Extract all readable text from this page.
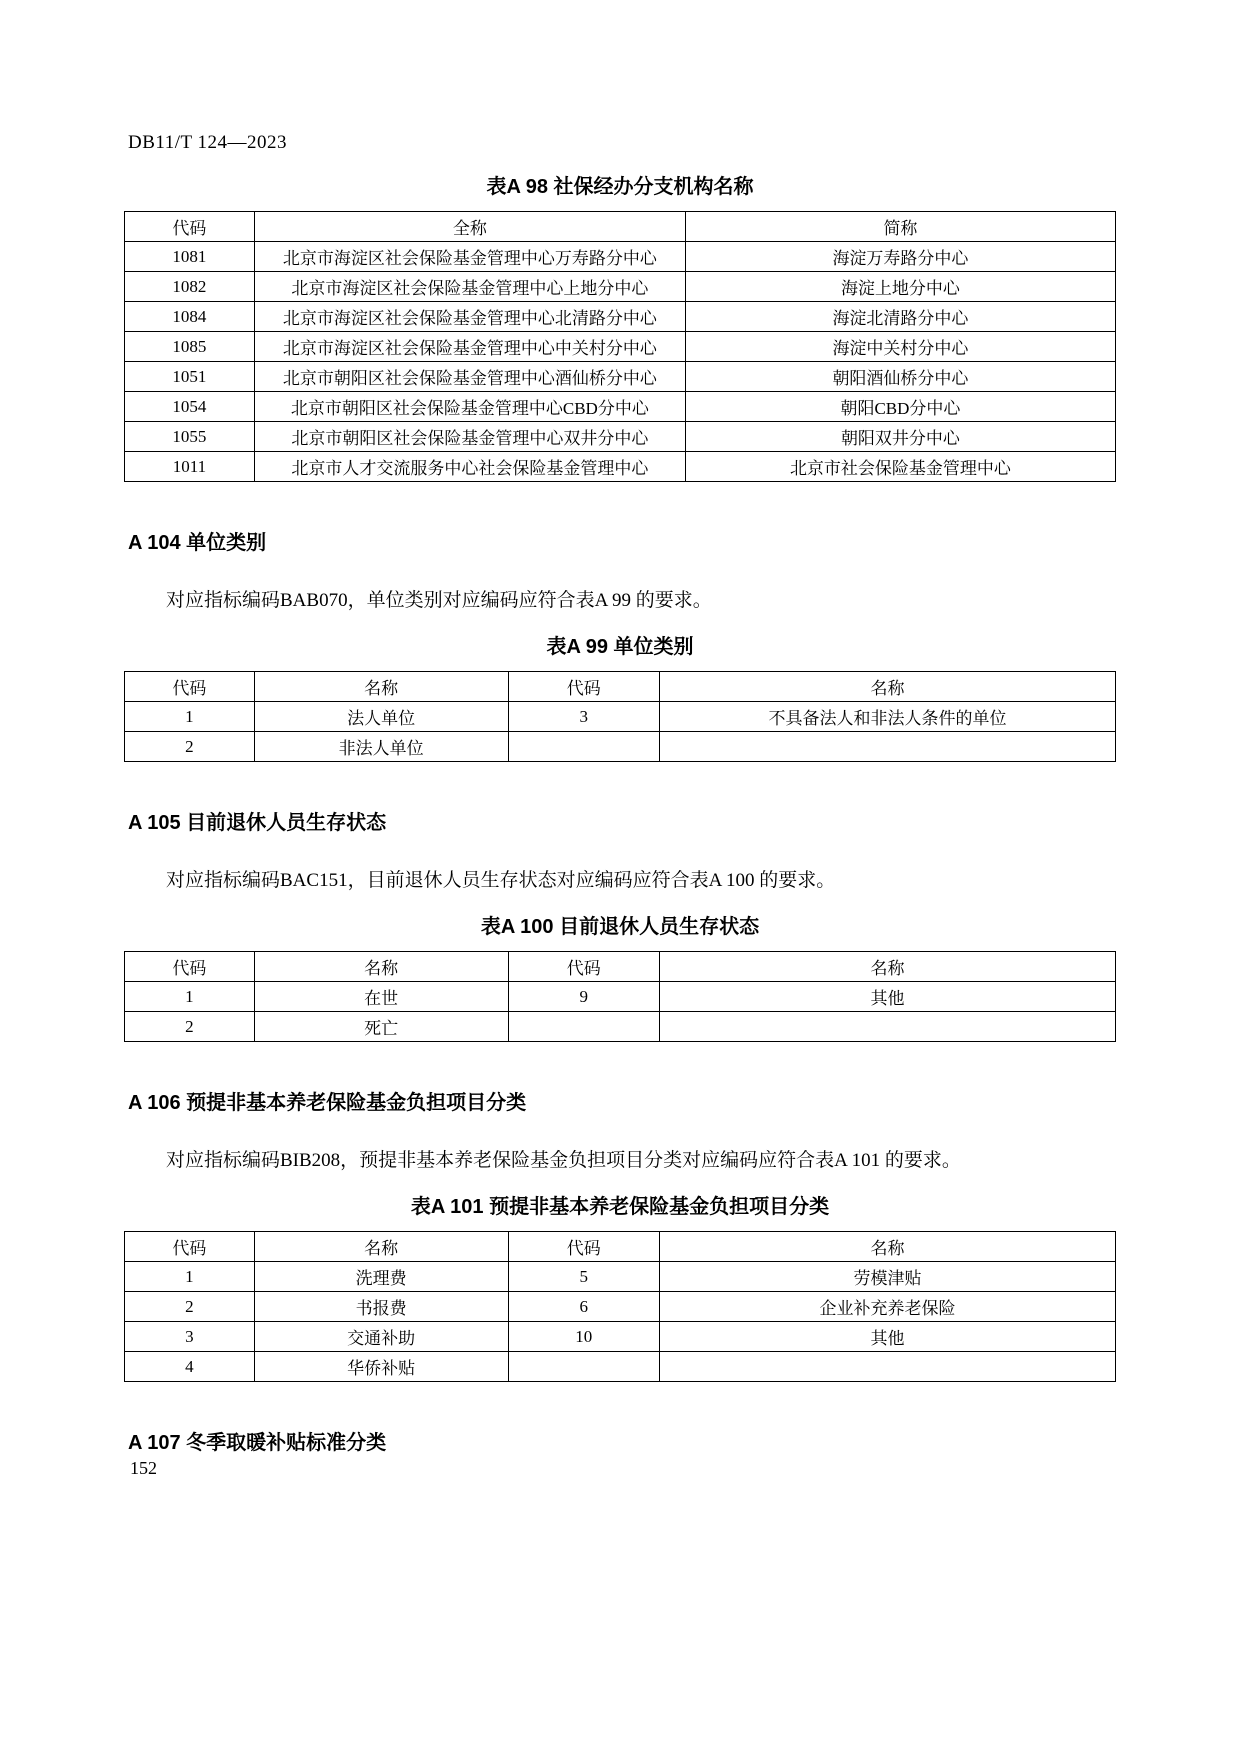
DB11/T 124—2023
表A 98 社保经办分支机构名称
代码	全称	简称
1081	北京市海淀区社会保险基金管理中心万寿路分中心	海淀万寿路分中心
1082	北京市海淀区社会保险基金管理中心上地分中心	海淀上地分中心
1084	北京市海淀区社会保险基金管理中心北清路分中心	海淀北清路分中心
1085	北京市海淀区社会保险基金管理中心中关村分中心	海淀中关村分中心
1051	北京市朝阳区社会保险基金管理中心酒仙桥分中心	朝阳酒仙桥分中心
1054	北京市朝阳区社会保险基金管理中心CBD分中心	朝阳CBD分中心
1055	北京市朝阳区社会保险基金管理中心双井分中心	朝阳双井分中心
1011	北京市人才交流服务中心社会保险基金管理中心	北京市社会保险基金管理中心
A 104 单位类别
对应指标编码BAB070，单位类别对应编码应符合表A 99 的要求。
表A 99 单位类别
代码	名称	代码	名称
1	法人单位	3	不具备法人和非法人条件的单位
2	非法人单位		
A 105 目前退休人员生存状态
对应指标编码BAC151，目前退休人员生存状态对应编码应符合表A 100 的要求。
表A 100 目前退休人员生存状态
代码	名称	代码	名称
1	在世	9	其他
2	死亡		
A 106 预提非基本养老保险基金负担项目分类
对应指标编码BIB208，预提非基本养老保险基金负担项目分类对应编码应符合表A 101 的要求。
表A 101 预提非基本养老保险基金负担项目分类
代码	名称	代码	名称
1	洗理费	5	劳模津贴
2	书报费	6	企业补充养老保险
3	交通补助	10	其他
4	华侨补贴		
A 107 冬季取暖补贴标准分类
152
